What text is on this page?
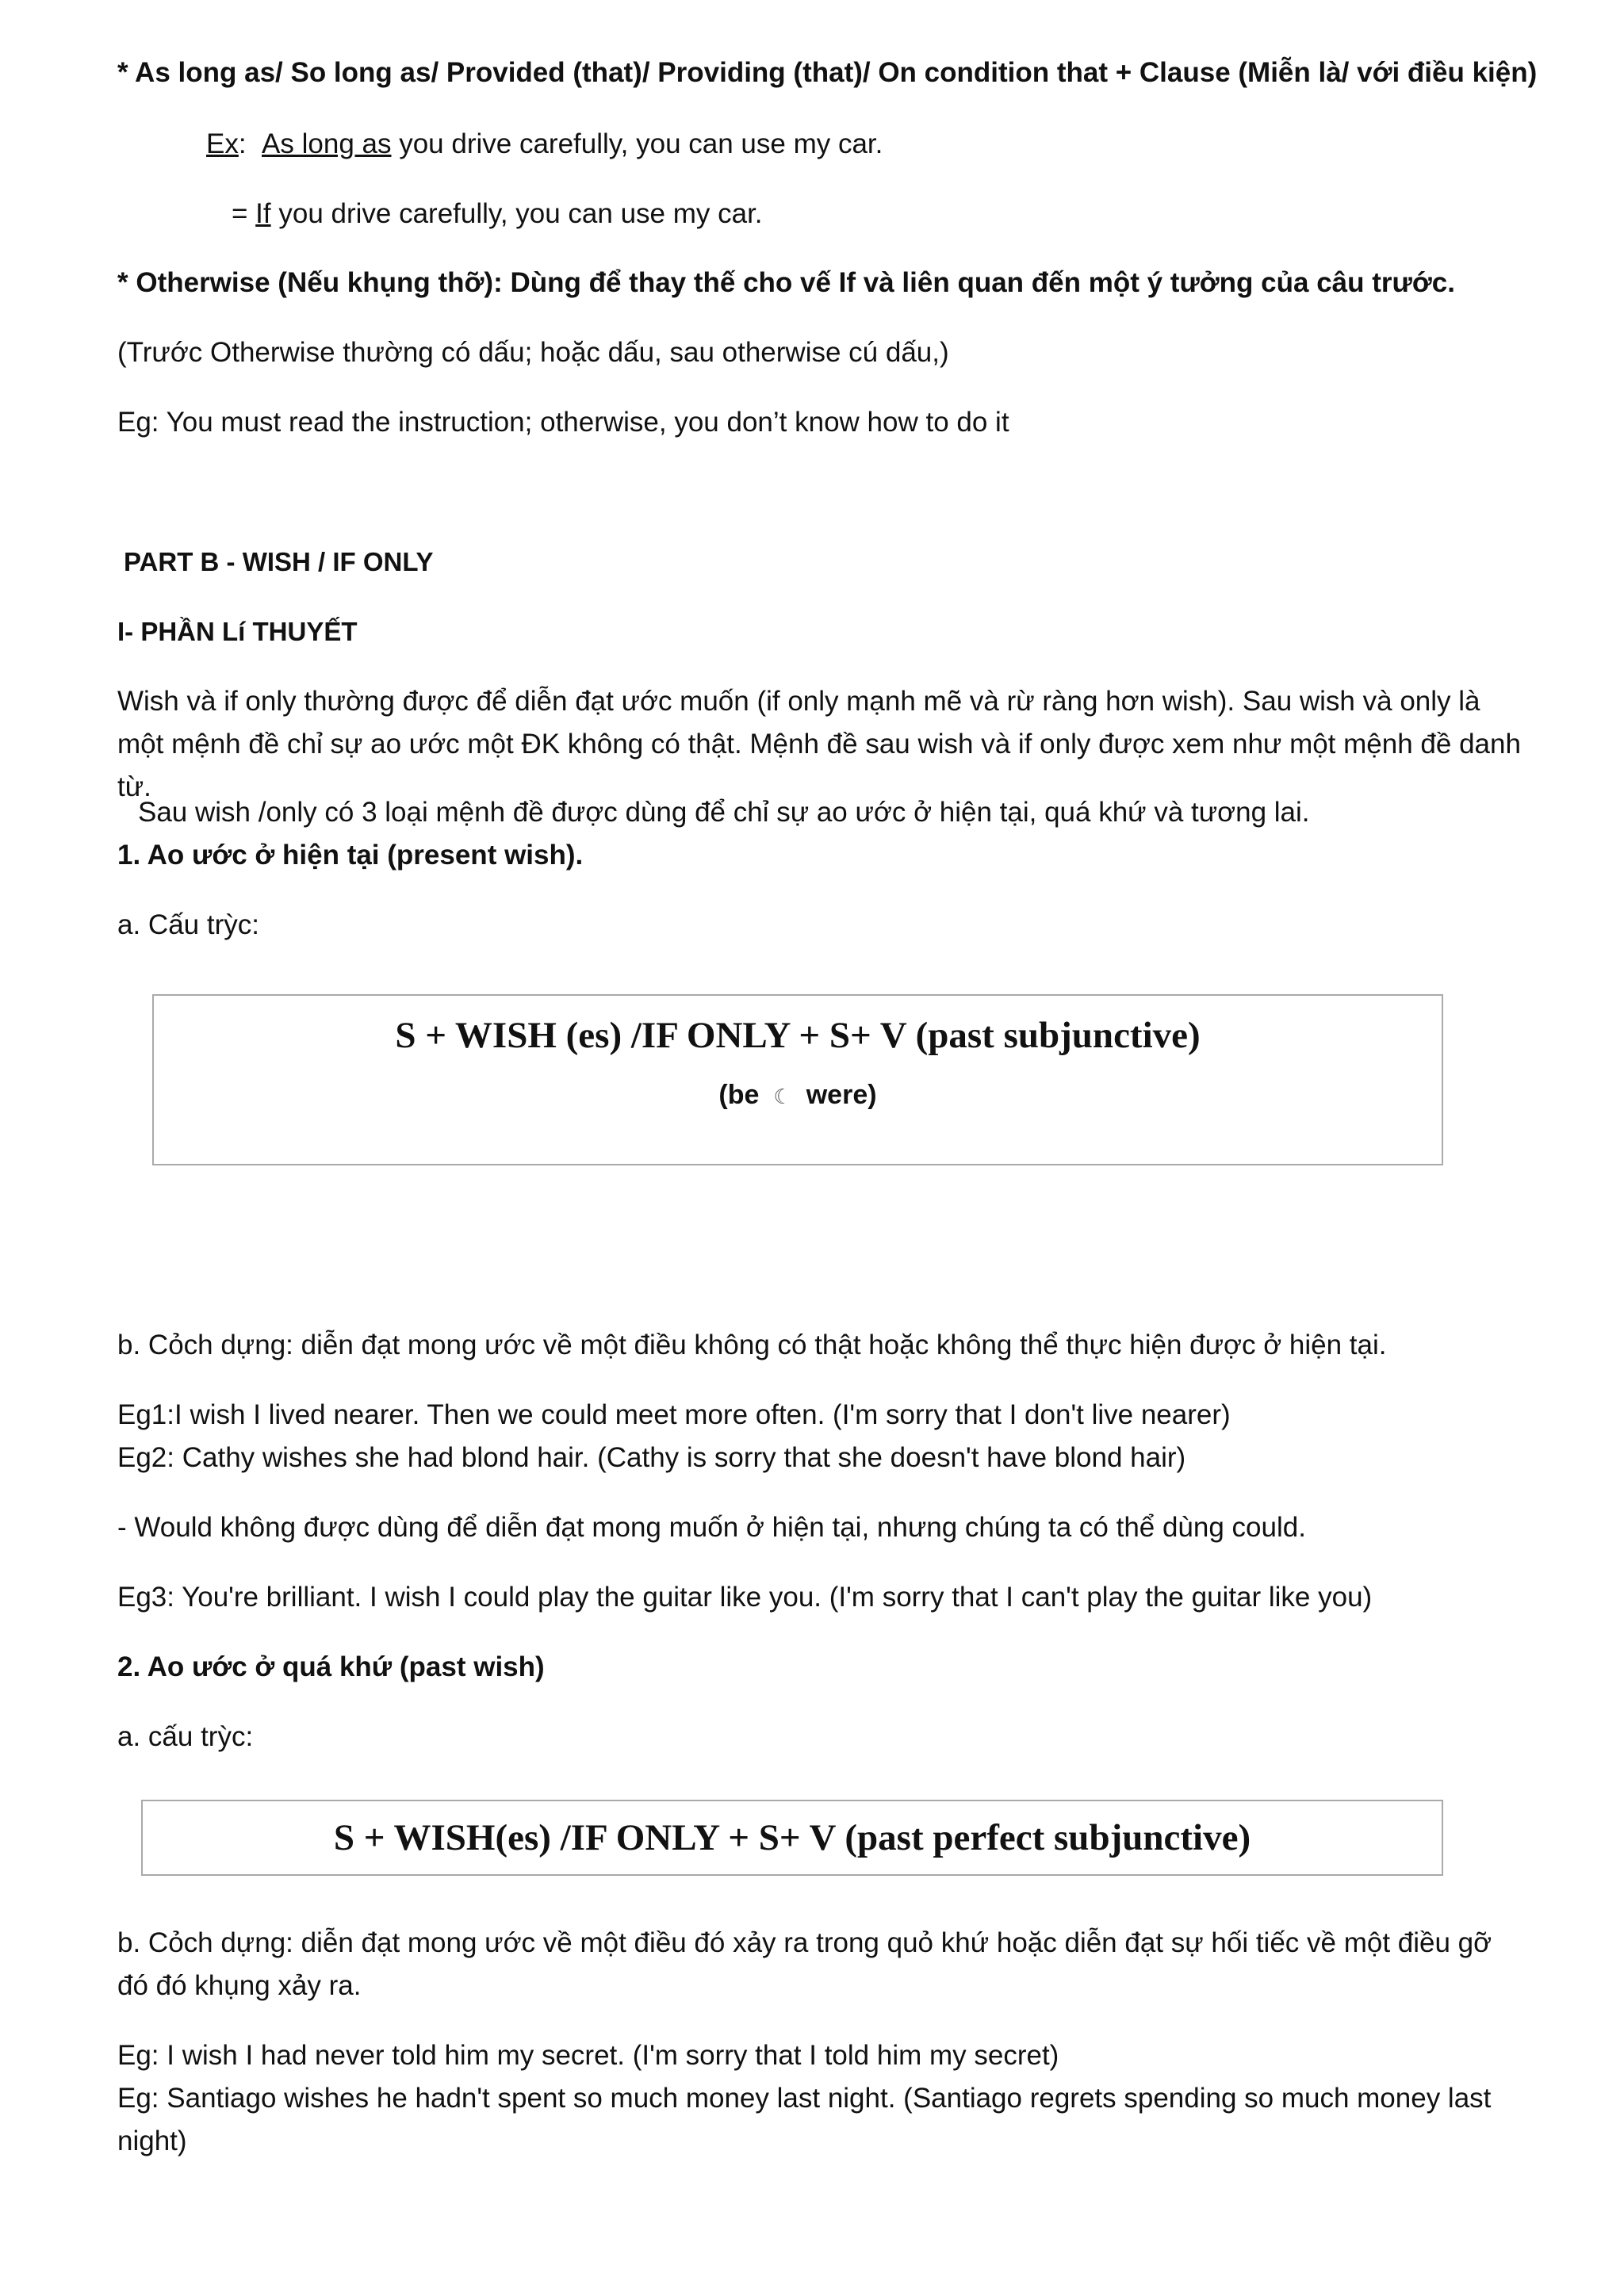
* As long as/ So long as/ Provided (that)/ Providing (that)/ On condition that + Clause (Miễn là/ với điều kiện)
Ex: As long as you drive carefully, you can use my car.
= If you drive carefully, you can use my car.
* Otherwise (Nếu khụng thỡ): Dùng để thay thế cho vế If và liên quan đến một ý tưởng của câu trước.
(Trước Otherwise thường có dấu; hoặc dấu, sau otherwise cú dấu,)
Eg: You must read the instruction; otherwise, you don’t know how to do it
PART B - WISH / IF ONLY
I- PHẦN Lí THUYẾT
Wish và if only thường được để diễn đạt ước muốn (if only mạnh mẽ và rừ ràng hơn wish). Sau wish và only là một mệnh đề chỉ sự ao ước một ĐK không có thật. Mệnh đề sau wish và if only được xem như một mệnh đề danh từ.
Sau wish /only có 3 loại mệnh đề được dùng để chỉ sự ao ước ở hiện tại, quá khứ và tương lai.
1. Ao ước ở hiện tại (present wish).
a. Cấu trỳc:
S + WISH (es) /IF ONLY + S+ V (past subjunctive)
(be ☾ were)
b. Cỏch dựng: diễn đạt mong ước về một điều không có thật hoặc không thể thực hiện được ở hiện tại.
Eg1:I wish I lived nearer. Then we could meet more often. (I'm sorry that I don't live nearer)
Eg2: Cathy wishes she had blond hair. (Cathy is sorry that she doesn't have blond hair)
- Would không được dùng để diễn đạt mong muốn ở hiện tại, nhưng chúng ta có thể dùng could.
Eg3: You're brilliant. I wish I could play the guitar like you. (I'm sorry that I can't play the guitar like you)
2. Ao ước ở quá khứ (past wish)
a. cấu trỳc:
S + WISH(es) /IF ONLY + S+ V (past perfect subjunctive)
b. Cỏch dựng: diễn đạt mong ước về một điều đó xảy ra trong quỏ khứ hoặc diễn đạt sự hối tiếc về một điều gỡ đó đó khụng xảy ra.
Eg: I wish I had never told him my secret. (I'm sorry that I told him my secret)
Eg: Santiago wishes he hadn't spent so much money last night. (Santiago regrets spending so much money last night)
